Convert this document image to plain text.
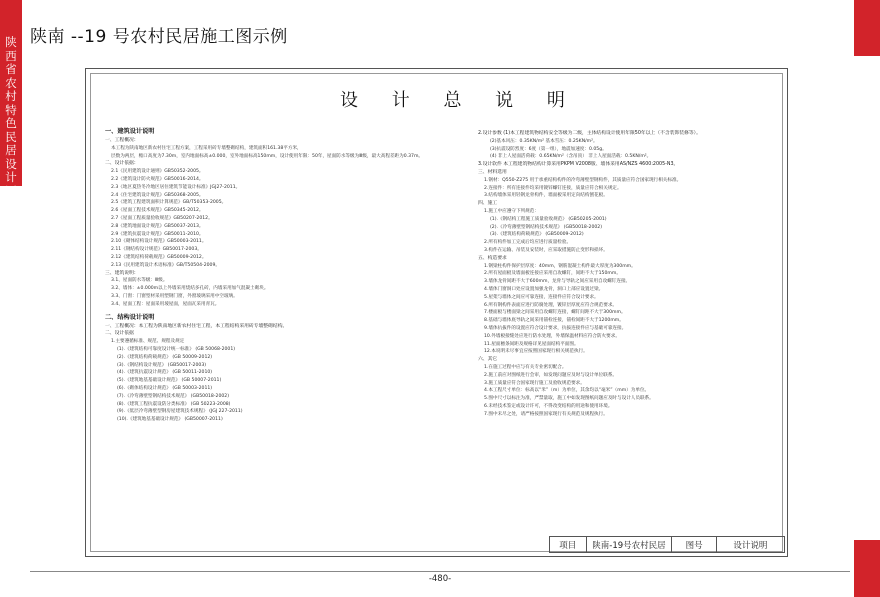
陕
西
省
农
村
特
色
民
居
设
计
图
集
陕南 --19 号农村民居施工图示例
设 计 总 说 明
一、建筑设计说明
一、工程概况：
本工程为陕南地区新农村住宅工程方案，工程采用砖专墙整砌结构，建筑面积161.38平方米，
层数为两层，檐口高度为7.30m，室内地面标高±0.000，室外地面标高150mm，设计使用年限：50年，屋面防水等级为Ⅲ级，最大高程差距为0.37m。
二、设计依据：
2.1《民用建筑设计通则》GB50352-2005。
2.2《建筑设计防火规范》GB50016-2014。
2.3《地区夏热冬冷地区居住建筑节能设计标准》JGJ27-2011。
2.4《住宅建筑设计规范》GB50368-2005。
2.5《建筑工程建筑面积计算规范》GB/T50353-2005。
2.6《屋面工程技术规范》GB50345-2012。
2.7《屋面工程质量验收规范》GB50207-2012。
2.8《建筑地面设计规范》GB50037-2013。
2.9《建筑抗震设计规范》GB50011-2010。
2.10《砌体结构设计规范》GB50003-2011。
2.11《钢结构设计规范》GB50017-2003。
2.12《建筑结构荷载规范》GB50009-2012。
2.13《民用建筑设计术语标准》GB/T50504-2009。
三、建筑说明：
3.1、屋面防水等级：Ⅲ级。
3.2、墙体：±0.000m以上外墙采用烧结多孔砖，内墙采用加气混凝土砌块。
3.3、门窗：门窗型材采用塑钢门窗，外窗玻璃采用中空玻璃。
3.4、屋面工程：屋面采用坡屋面，屋面瓦采用青瓦。
二、结构设计说明
一、工程概况：本工程为陕南地区新农村住宅工程，本工程结构采用砖专墙整砌结构。
二、设计依据
1.主要遵循标准、规范、规程及规定
(1).《建筑结构可靠度设计统一标准》 (GB 50068-2001)
(2).《建筑结构荷载规范》 (GB 50009-2012)
(3).《钢结构设计规范》 (GB50017-2003)
(4).《建筑抗震设计规范》 (GB 50011-2010)
(5).《建筑地基基础设计规范》 (GB 50007-2011)
(6).《砌体结构设计规范》 (GB 50003-2011)
(7).《冷弯薄壁型钢结构技术规范》 (GB50018-2002)
(8).《建筑工程抗震设防分类标准》 (GB 50223-2008)
(9).《低层冷弯薄壁型钢房屋建筑技术规程》 (JGJ 227-2011)
(10).《建筑地基基础设计规范》 (GB50007-2011)
2.设计参数 (1)本工程建筑物结构安全等级为二级，主体结构设计使用年限50年以上（不含装饰装修等）。
(2)基本风压：0.35KN/m² 基本雪压：0.25KN/m²。
(3)抗震设防烈度：6度（第一组），地震加速度：0.05g。
(4) 非上人屋面活荷载：0.65KN/m²（含吊顶） 非上人屋面活载：0.5KN/m²。
3.设计软件 本工程建筑物结构计算采用PKPM V2008版、墙体采用AS/NZS 4600:2005-N3。
三、材料选用
1.钢材：Q550-Z275 用于承重结构构件的冷弯薄壁型钢构件，其质量应符合国家现行相关标准。
2.连接件：所有连接件均采用镀锌螺钉连接，质量应符合相关规定。
3.结构墙体采用轻钢龙骨构件，墙面板采用定向结构刨花板。
四、施工
1.施工中应遵守下列规范：
(1).《钢结构工程施工质量验收规范》 (GB50205-2001)
(2).《冷弯薄壁型钢结构技术规范》 (GB50018-2002)
(3).《建筑结构荷载规范》 (GB50009-2012)
2.所有构件加工完成后均应进行质量检验。
3.构件在运输、吊装及安装时，应采取措施防止变形和损坏。
五、构造要求
1.钢梁柱构件保护层厚度：40mm，钢筋混凝土构件最大厚度为300mm。
2.所有屋面板及墙面板连接应采用自攻螺钉，间距不大于150mm。
3.墙体龙骨间距不大于600mm，龙骨与导轨之间应采用自攻螺钉连接。
4.墙体门窗洞口处应设置加强龙骨，洞口上部应设置过梁。
5.屋架与墙体之间应可靠连接，连接件应符合设计要求。
6.所有钢构件表面应进行防腐处理，镀锌层厚度应符合规范要求。
7.楼面板与楼面梁之间采用自攻螺钉连接，螺钉间距不大于300mm。
8.基础与墙体底导轨之间采用锚栓连接，锚栓间距不大于1200mm。
9.墙体抗拔件的设置应符合设计要求，抗拔连接件应与基础可靠连接。
10.外墙板接缝处应进行防水处理，外墙保温材料应符合防火要求。
11.屋面檩条间距及规格详见屋面结构平面图。
12.本说明未尽事宜应按照国家现行相关规范执行。
六、其它
1.在施工过程中应与有关专业密切配合。
2.施工前应对图纸进行会审，如发现问题应及时与设计单位联系。
3.施工质量应符合国家现行施工及验收规范要求。
4.本工程尺寸单位：标高以“米”（m）为单位，其余均以“毫米”（mm）为单位。
5.图中尺寸以标注为准，严禁量取，施工中如发现图纸问题应及时与设计人员联系。
6.未经技术鉴定或设计许可，不得改变结构的用途和使用环境。
7.图中未尽之处，请严格按照国家现行有关规范及规程执行。
项目	陕南-19号农村民居	图号	设计说明
-480-
